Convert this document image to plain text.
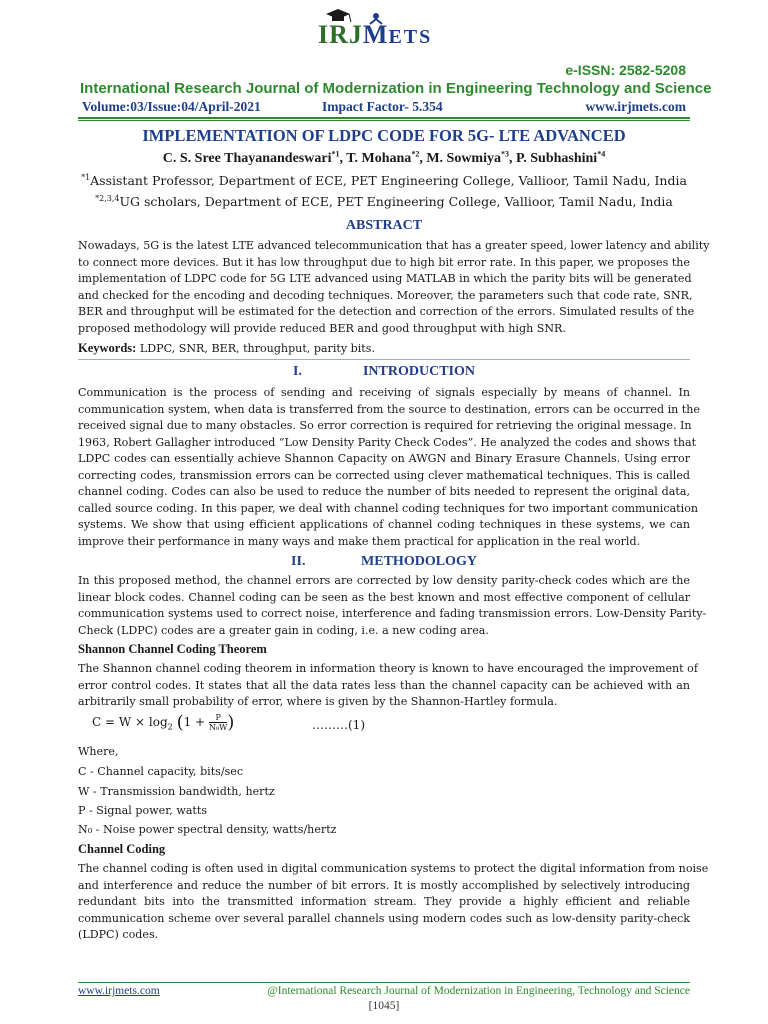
IRJMETS
e-ISSN: 2582-5208
International Research Journal of Modernization in Engineering Technology and Science
Volume:03/Issue:04/April-2021	Impact Factor- 5.354	www.irjmets.com
IMPLEMENTATION OF LDPC CODE FOR 5G- LTE ADVANCED
C. S. Sree Thayanandeswari$^{*1}$, T. Mohana$^{*2}$, M. Sowmiya$^{*3}$, P. Subhashini$^{*4}$
$^{*1}$Assistant Professor, Department of ECE, PET Engineering College, Vallioor, Tamil Nadu, India
$^{*2,3,4}$UG scholars, Department of ECE, PET Engineering College, Vallioor, Tamil Nadu, India
ABSTRACT
Nowadays, 5G is the latest LTE advanced telecommunication that has a greater speed, lower latency and ability
to connect more devices. But it has low throughput due to high bit error rate. In this paper, we proposes the
implementation of LDPC code for 5G LTE advanced using MATLAB in which the parity bits will be generated
and checked for the encoding and decoding techniques. Moreover, the parameters such that code rate, SNR,
BER and throughput will be estimated for the detection and correction of the errors. Simulated results of the
proposed methodology will provide reduced BER and good throughput with high SNR.
Keywords: LDPC, SNR, BER, throughput, parity bits.
I.	INTRODUCTION
Communication is the process of sending and receiving of signals especially by means of channel. In
communication system, when data is transferred from the source to destination, errors can be occurred in the
received signal due to many obstacles. So error correction is required for retrieving the original message. In
1963, Robert Gallagher introduced “Low Density Parity Check Codes”. He analyzed the codes and shows that
LDPC codes can essentially achieve Shannon Capacity on AWGN and Binary Erasure Channels. Using error
correcting codes, transmission errors can be corrected using clever mathematical techniques. This is called
channel coding. Codes can also be used to reduce the number of bits needed to represent the original data,
called source coding. In this paper, we deal with channel coding techniques for two important communication
systems. We show that using efficient applications of channel coding techniques in these systems, we can
improve their performance in many ways and make them practical for application in the real world.
II.	METHODOLOGY
In this proposed method, the channel errors are corrected by low density parity-check codes which are the
linear block codes. Channel coding can be seen as the best known and most effective component of cellular
communication systems used to correct noise, interference and fading transmission errors. Low-Density Parity-
Check (LDPC) codes are a greater gain in coding, i.e. a new coding area.
Shannon Channel Coding Theorem
The Shannon channel coding theorem in information theory is known to have encouraged the improvement of
error control codes. It states that all the data rates less than the channel capacity can be achieved with an
arbitrarily small probability of error, where is given by the Shannon-Hartley formula.
$C = W \times \log_2 (1 + \frac{P}{\text{N₀W}})$	………(1)
Where,
C - Channel capacity, bits/sec
W - Transmission bandwidth, hertz
P - Signal power, watts
N₀ - Noise power spectral density, watts/hertz
Channel Coding
The channel coding is often used in digital communication systems to protect the digital information from noise
and interference and reduce the number of bit errors. It is mostly accomplished by selectively introducing
redundant bits into the transmitted information stream. They provide a highly efficient and reliable
communication scheme over several parallel channels using modern codes such as low-density parity-check
(LDPC) codes.
www.irjmets.com	@International Research Journal of Modernization in Engineering, Technology and Science
[1045]
